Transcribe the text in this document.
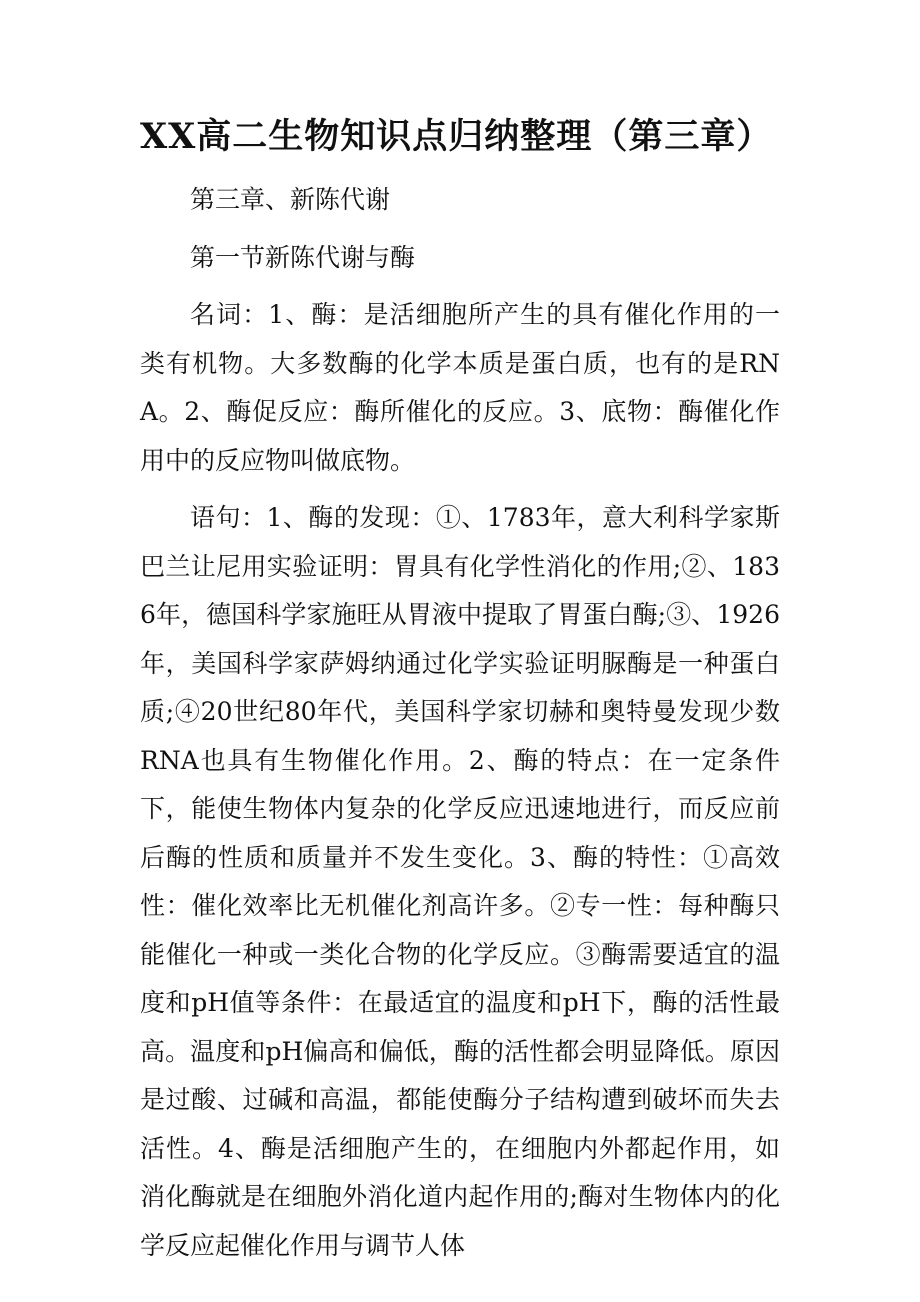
XX高二生物知识点归纳整理（第三章）

第三章、新陈代谢

第一节新陈代谢与酶

名词：1、酶：是活细胞所产生的具有催化作用的一类有机物。大多数酶的化学本质是蛋白质，也有的是RNA。2、酶促反应：酶所催化的反应。3、底物：酶催化作用中的反应物叫做底物。

语句：1、酶的发现：①、1783年，意大利科学家斯巴兰让尼用实验证明：胃具有化学性消化的作用;②、1836年，德国科学家施旺从胃液中提取了胃蛋白酶;③、1926年，美国科学家萨姆纳通过化学实验证明脲酶是一种蛋白质;④20世纪80年代，美国科学家切赫和奥特曼发现少数RNA也具有生物催化作用。2、酶的特点：在一定条件下，能使生物体内复杂的化学反应迅速地进行，而反应前后酶的性质和质量并不发生变化。3、酶的特性：①高效性：催化效率比无机催化剂高许多。②专一性：每种酶只能催化一种或一类化合物的化学反应。③酶需要适宜的温度和pH值等条件：在最适宜的温度和pH下，酶的活性最高。温度和pH偏高和偏低，酶的活性都会明显降低。原因是过酸、过碱和高温，都能使酶分子结构遭到破坏而失去活性。4、酶是活细胞产生的，在细胞内外都起作用，如消化酶就是在细胞外消化道内起作用的;酶对生物体内的化学反应起催化作用与调节人体
